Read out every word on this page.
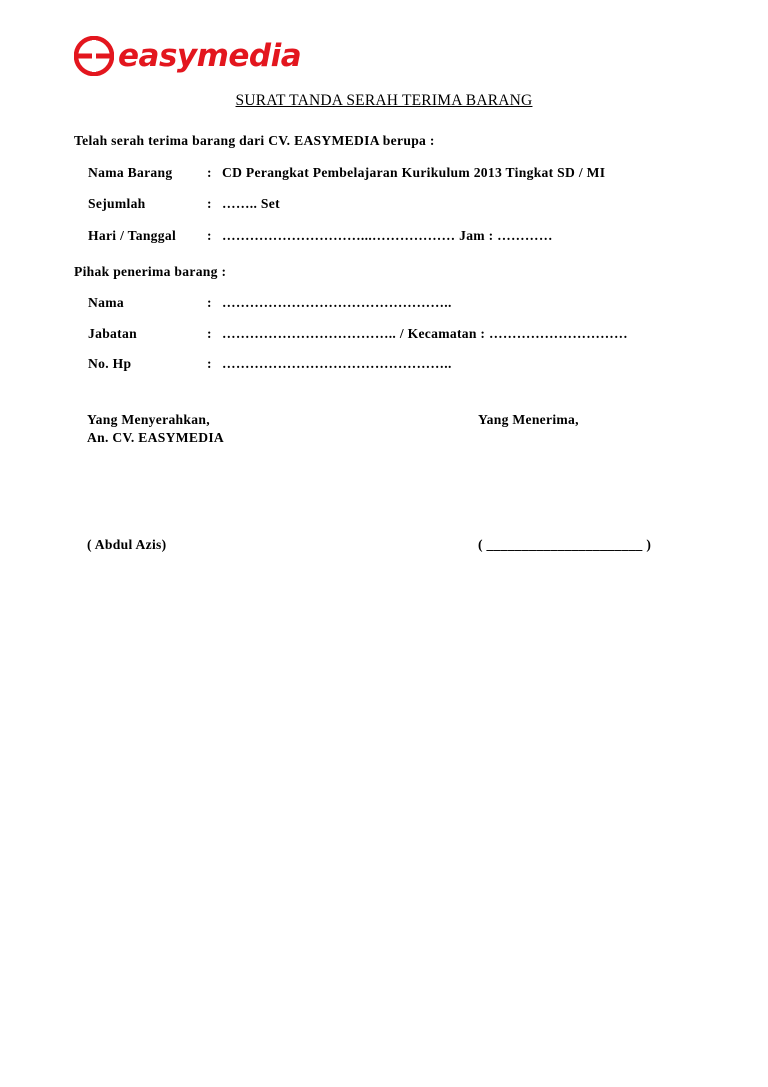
easymedia
SURAT TANDA SERAH TERIMA BARANG
Telah serah terima barang dari CV. EASYMEDIA berupa :
Nama Barang	: CD Perangkat Pembelajaran Kurikulum 2013 Tingkat SD / MI
Sejumlah	: …….. Set
Hari / Tanggal : …………………………...……………… Jam : …………
Pihak penerima barang :
Nama	: …………………………………………..
Jabatan	: ……………………………….. / Kecamatan : …………………………
No. Hp	: …………………………………………..
Yang Menyerahkan,
An. CV. EASYMEDIA
Yang Menerima,
( Abdul Azis)	( ______________________ )
